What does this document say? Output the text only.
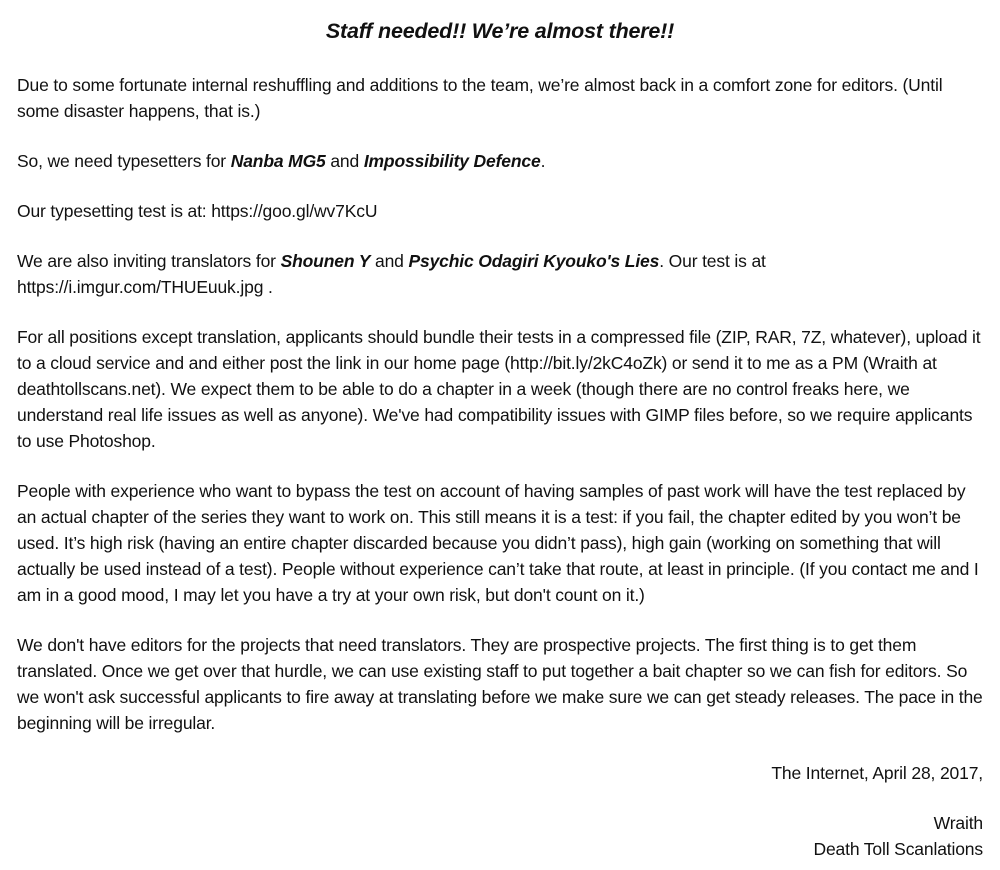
Staff needed!! We’re almost there!!

Due to some fortunate internal reshuffling and additions to the team, we’re almost back in a comfort zone for editors. (Until some disaster happens, that is.)

So, we need typesetters for Nanba MG5 and Impossibility Defence.

Our typesetting test is at: https://goo.gl/wv7KcU

We are also inviting translators for Shounen Y and Psychic Odagiri Kyouko's Lies. Our test is at https://i.imgur.com/THUEuuk.jpg .

For all positions except translation, applicants should bundle their tests in a compressed file (ZIP, RAR, 7Z, whatever), upload it to a cloud service and and either post the link in our home page (http://bit.ly/2kC4oZk) or send it to me as a PM (Wraith at deathtollscans.net). We expect them to be able to do a chapter in a week (though there are no control freaks here, we understand real life issues as well as anyone). We've had compatibility issues with GIMP files before, so we require applicants to use Photoshop.

People with experience who want to bypass the test on account of having samples of past work will have the test replaced by an actual chapter of the series they want to work on. This still means it is a test: if you fail, the chapter edited by you won’t be used. It’s high risk (having an entire chapter discarded because you didn’t pass), high gain (working on something that will actually be used instead of a test). People without experience can’t take that route, at least in principle. (If you contact me and I am in a good mood, I may let you have a try at your own risk, but don't count on it.)

We don't have editors for the projects that need translators. They are prospective projects. The first thing is to get them translated. Once we get over that hurdle, we can use existing staff to put together a bait chapter so we can fish for editors. So we won't ask successful applicants to fire away at translating before we make sure we can get steady releases. The pace in the beginning will be irregular.

The Internet, April 28, 2017,

Wraith

Death Toll Scanlations
